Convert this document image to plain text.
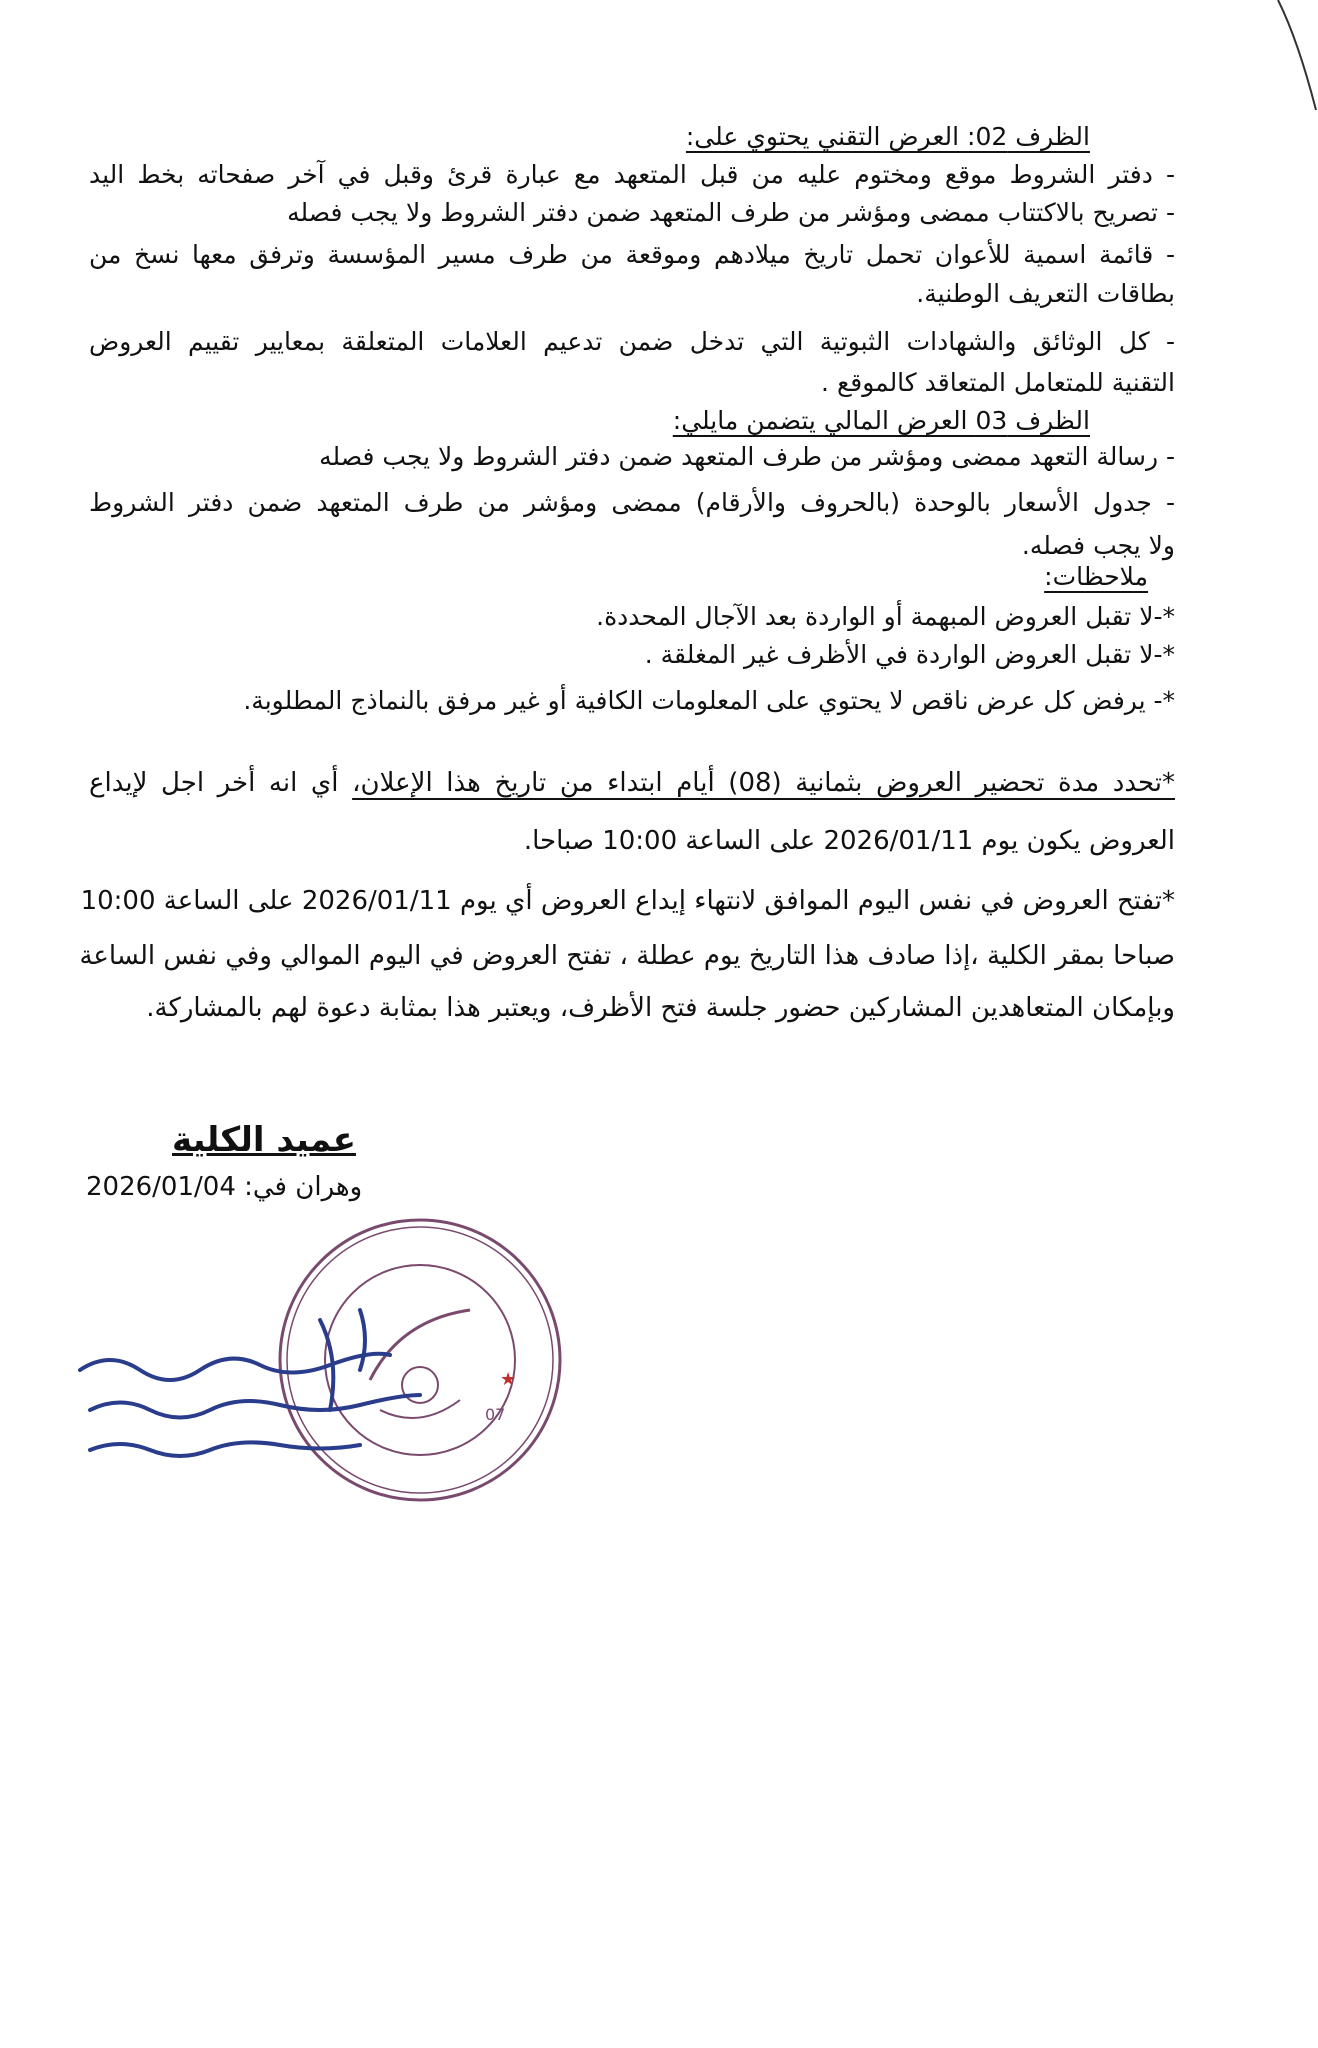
الظرف 02: العرض التقني يحتوي على:
- دفتر الشروط موقع ومختوم عليه من قبل المتعهد مع عبارة قرئ وقبل في آخر صفحاته بخط اليد
- تصريح بالاكتتاب ممضى ومؤشر من طرف المتعهد ضمن دفتر الشروط ولا يجب فصله
- قائمة اسمية للأعوان تحمل تاريخ ميلادهم وموقعة من طرف مسير المؤسسة وترفق معها نسخ من
بطاقات التعريف الوطنية.
- كل الوثائق والشهادات الثبوتية التي تدخل ضمن تدعيم العلامات المتعلقة بمعايير تقييم العروض
التقنية للمتعامل المتعاقد كالموقع .
الظرف 03 العرض المالي يتضمن مايلي:
- رسالة التعهد ممضى ومؤشر من طرف المتعهد ضمن دفتر الشروط ولا يجب فصله
- جدول الأسعار بالوحدة (بالحروف والأرقام) ممضى ومؤشر من طرف المتعهد ضمن دفتر الشروط
ولا يجب فصله.
ملاحظات:
*-لا تقبل العروض المبهمة أو الواردة بعد الآجال المحددة.
*-لا تقبل العروض الواردة في الأظرف غير المغلقة .
*- يرفض كل عرض ناقص لا يحتوي على المعلومات الكافية أو غير مرفق بالنماذج المطلوبة.
*تحدد مدة تحضير العروض بثمانية (08) أيام ابتداء من تاريخ هذا الإعلان، أي انه أخر اجل لإيداع
العروض يكون يوم 2026/01/11 على الساعة 10:00 صباحا.
*تفتح العروض في نفس اليوم الموافق لانتهاء إيداع العروض أي يوم 2026/01/11 على الساعة 10:00
صباحا بمقر الكلية ،إذا صادف هذا التاريخ يوم عطلة ، تفتح العروض في اليوم الموالي وفي نفس الساعة
وبإمكان المتعاهدين المشاركين حضور جلسة فتح الأظرف، ويعتبر هذا بمثابة دعوة لهم بالمشاركة.
عميد الكلية
وهران في: 2026/01/04
07
★
